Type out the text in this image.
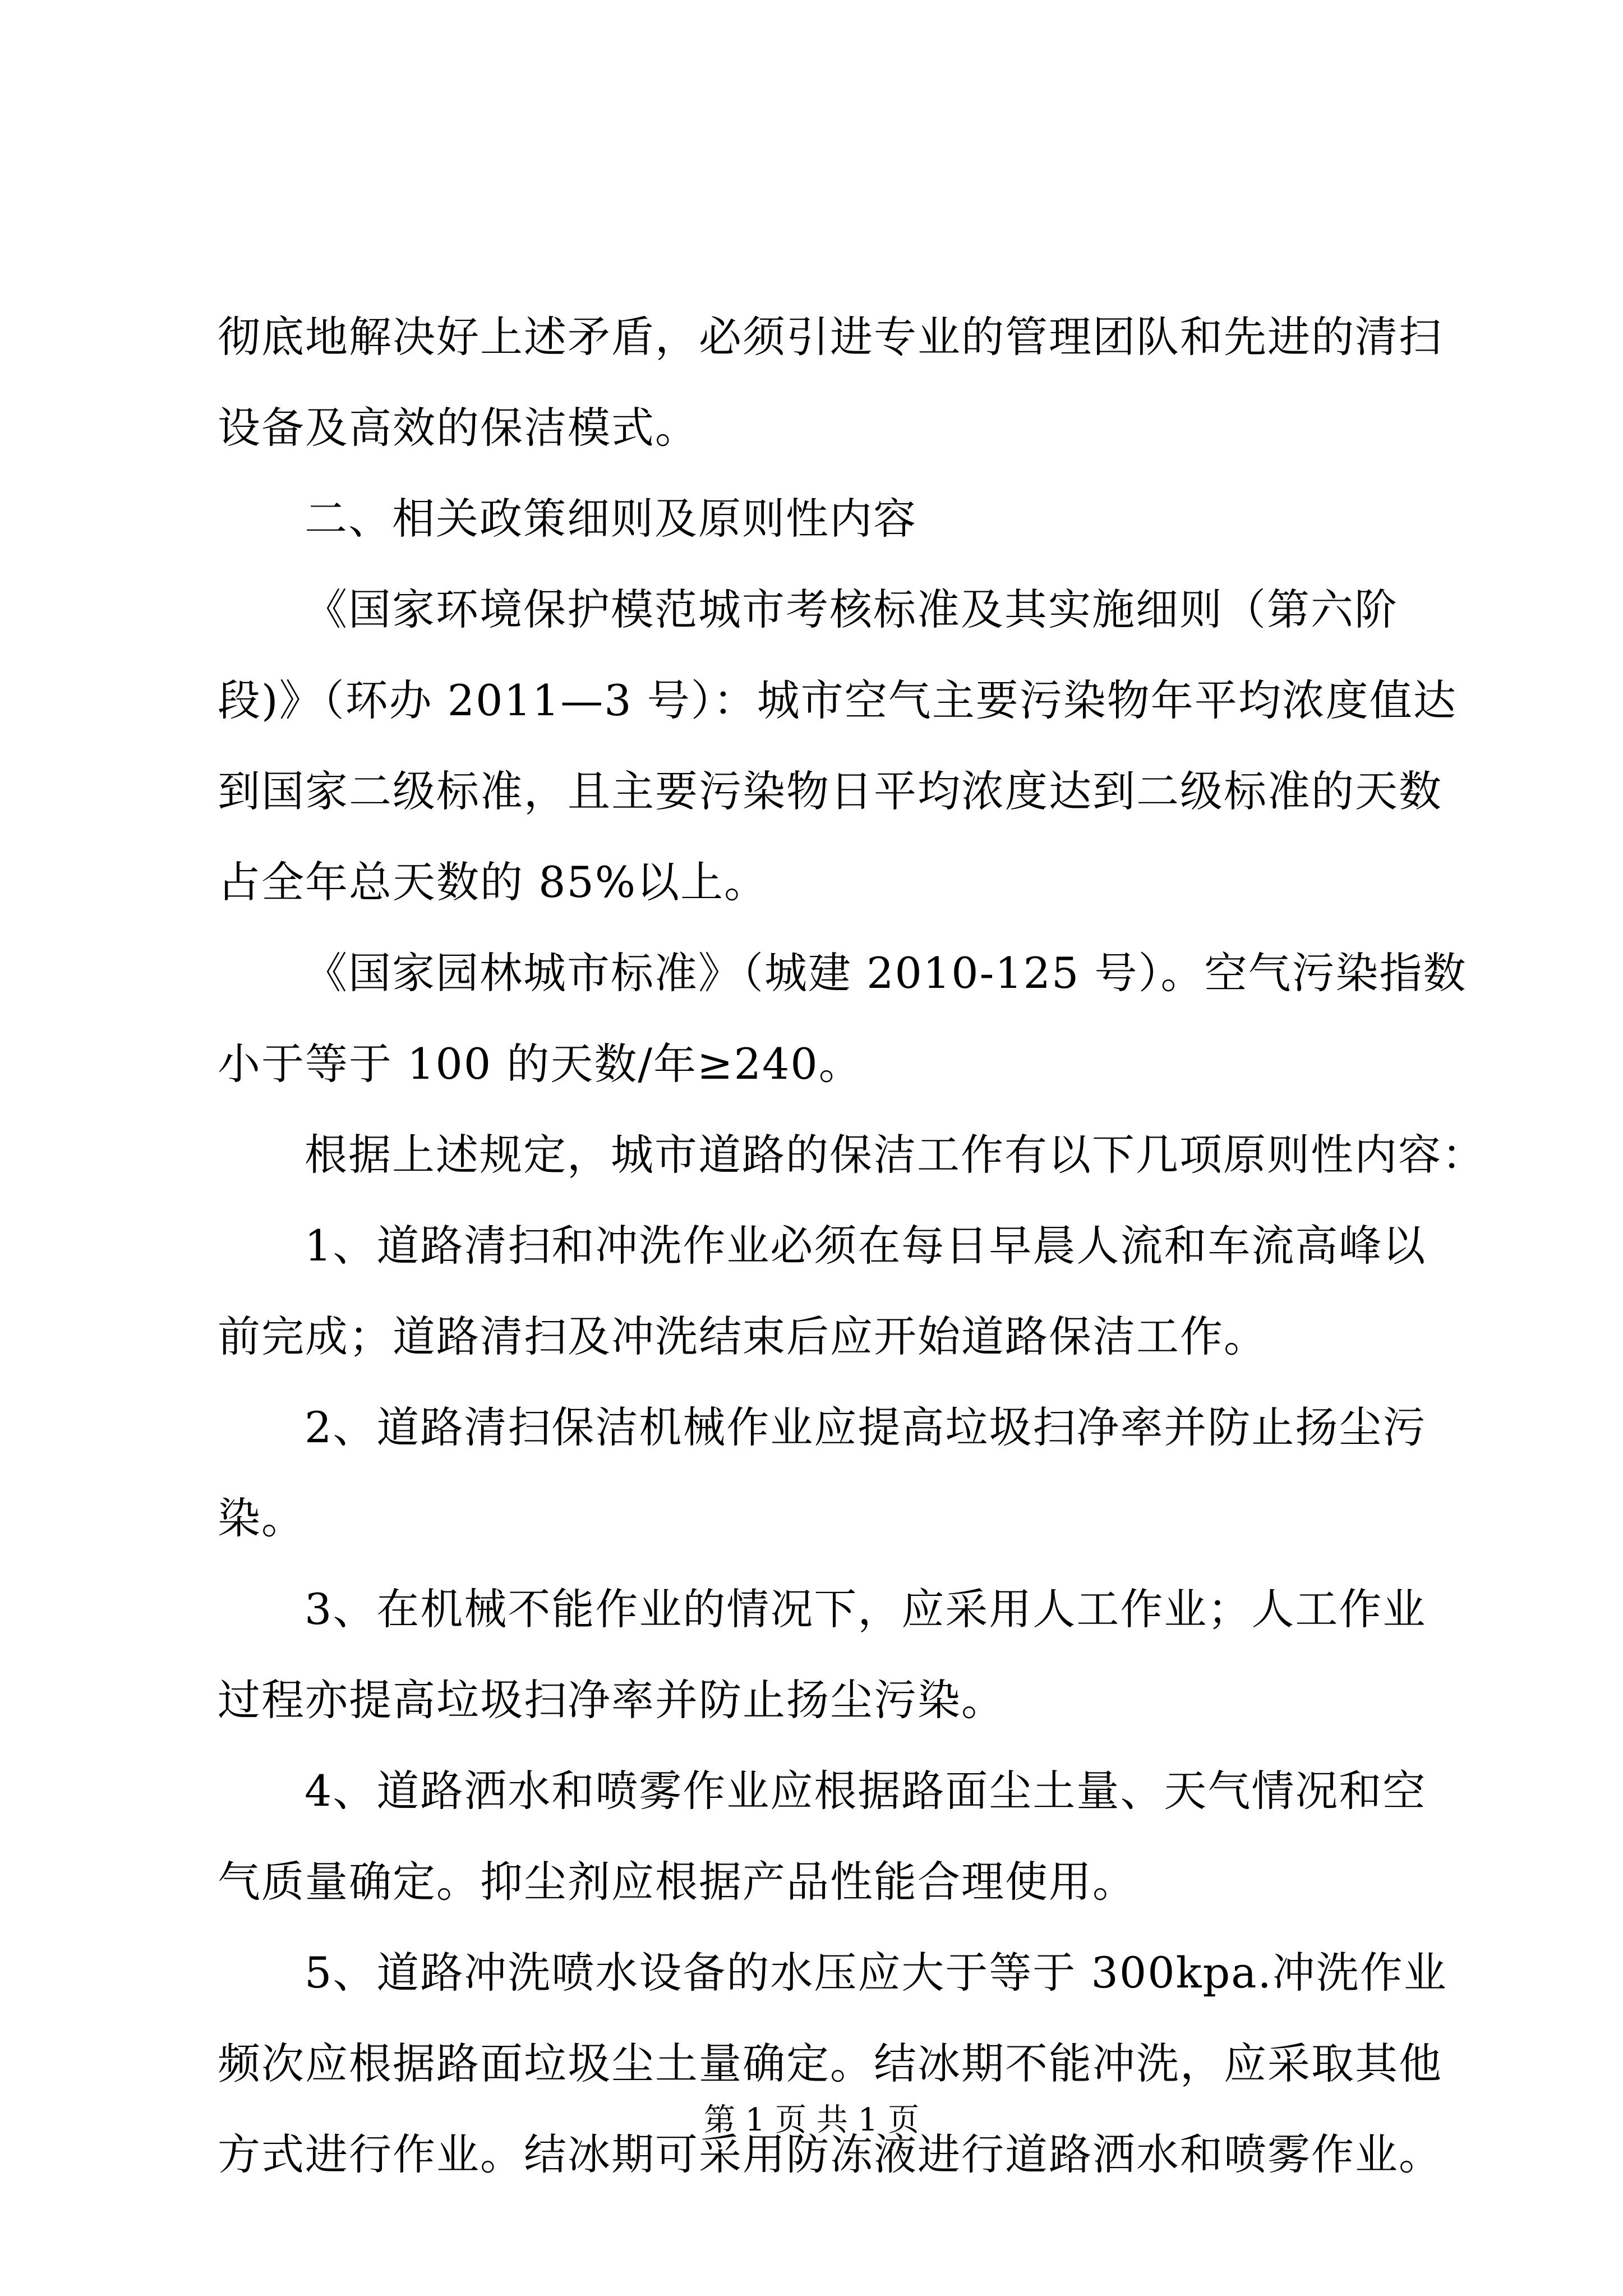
彻底地解决好上述矛盾，必须引进专业的管理团队和先进的清扫
设备及高效的保洁模式。
二、相关政策细则及原则性内容
《国家环境保护模范城市考核标准及其实施细则（第六阶
段)》（环办 2011—3 号）：城市空气主要污染物年平均浓度值达
到国家二级标准，且主要污染物日平均浓度达到二级标准的天数
占全年总天数的 85%以上。
《国家园林城市标准》（城建 2010-125 号）。空气污染指数
小于等于 100 的天数/年≥240。
根据上述规定，城市道路的保洁工作有以下几项原则性内容：
1、道路清扫和冲洗作业必须在每日早晨人流和车流高峰以
前完成；道路清扫及冲洗结束后应开始道路保洁工作。
2、道路清扫保洁机械作业应提高垃圾扫净率并防止扬尘污
染。
3、在机械不能作业的情况下，应采用人工作业；人工作业
过程亦提高垃圾扫净率并防止扬尘污染。
4、道路洒水和喷雾作业应根据路面尘土量、天气情况和空
气质量确定。抑尘剂应根据产品性能合理使用。
5、道路冲洗喷水设备的水压应大于等于 300kpa.冲洗作业
频次应根据路面垃圾尘土量确定。结冰期不能冲洗，应采取其他
方式进行作业。结冰期可采用防冻液进行道路洒水和喷雾作业。
第 1 页 共 1 页
